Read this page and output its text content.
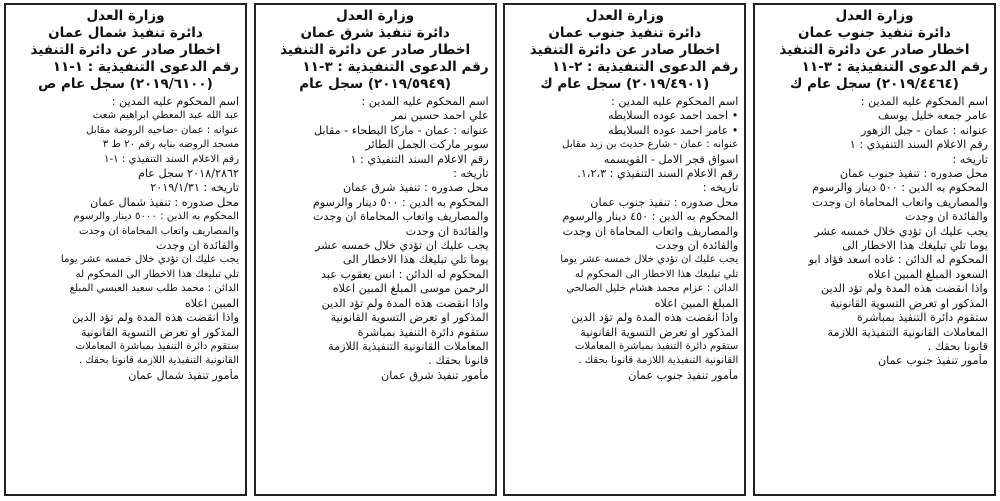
وزارة العدل
دائرة تنفيذ جنوب عمان
اخطار صادر عن دائرة التنفيذ
رقم الدعوى التنفيذية : ٣-١١
(٢٠١٩/٤٤٦٤) سجل عام ك
اسم المحكوم عليه المدين :
عامر جمعه خليل يوسف
عنوانه : عمان - جبل الزهور
رقم الاعلام السند التنفيذي : ١
تاريخه :
محل صدوره : تنفيذ جنوب عمان
المحكوم به الدين : ٥٠٠ دينار والرسوم
والمصاريف واتعاب المحاماة ان وجدت
والفائدة ان وجدت
يجب عليك ان تؤدي خلال خمسه عشر
يوما تلي تبليغك هذا الاخطار الى
المحكوم له الدائن : غاده اسعد فؤاد ابو
السعود المبلغ المبين اعلاه
واذا انقضت هذه المدة ولم تؤد الدين
المذكور او تعرض التسوية القانونية
ستقوم دائرة التنفيذ بمباشرة
المعاملات القانونية التنفيذية اللازمة
قانونا بحقك .
مأمور تنفيذ جنوب عمان
وزارة العدل
دائرة تنفيذ جنوب عمان
اخطار صادر عن دائرة التنفيذ
رقم الدعوى التنفيذية : ٢-١١
(٢٠١٩/٤٩٠١) سجل عام ك
اسم المحكوم عليه المدين :
• احمد احمد عوده السلايطه
• عامر احمد عوده السلايطه
عنوانه : عمان - شارع حديث بن زيد مقابل
اسواق فجر الامل - القويسمه
رقم الاعلام السند التنفيذي : ١،٢،٣.
تاريخه :
محل صدوره : تنفيذ جنوب عمان
المحكوم به الدين : ٤٥٠ دينار والرسوم
والمصاريف واتعاب المحاماة ان وجدت
والفائدة ان وجدت
يجب عليك ان تؤدي خلال خمسه عشر يوما
تلي تبليغك هذا الاخطار الى المحكوم له
الدائن : عزام محمد هشام خليل الصالحي
المبلغ المبين اعلاه
واذا انقضت هذه المدة ولم تؤد الدين
المذكور او تعرض التسوية القانونية
ستقوم دائرة التنفيذ بمباشرة المعاملات
القانونية التنفيذية اللازمة قانونا بحقك .
مأمور تنفيذ جنوب عمان
وزارة العدل
دائرة تنفيذ شرق عمان
اخطار صادر عن دائرة التنفيذ
رقم الدعوى التنفيذية : ٣-١١
(٢٠١٩/٥٩٤٩) سجل عام
اسم المحكوم عليه المدين :
علي احمد حسين نمر
عنوانه : عمان - ماركا البطحاء - مقابل
سوبر ماركت الجمل الطائر
رقم الاعلام السند التنفيذي : ١
تاريخه :
محل صدوره : تنفيذ شرق عمان
المحكوم به الدين : ٥٠٠ دينار والرسوم
والمصاريف واتعاب المحاماة ان وجدت
والفائدة ان وجدت
يجب عليك ان تؤدي خلال خمسه عشر
يوما تلي تبليغك هذا الاخطار الى
المحكوم له الدائن : انس يعقوب عبد
الرحمن موسى المبلغ المبين اعلاه
واذا انقضت هذه المدة ولم تؤد الدين
المذكور او تعرض التسوية القانونية
ستقوم دائرة التنفيذ بمباشرة
المعاملات القانونية التنفيذية اللازمة
قانونا بحقك .
مأمور تنفيذ شرق عمان
وزارة العدل
دائرة تنفيذ شمال عمان
اخطار صادر عن دائرة التنفيذ
رقم الدعوى التنفيذية : ١-١١
(٢٠١٩/٦١٠٠) سجل عام ص
اسم المحكوم عليه المدين :
عبد الله عبد المعطي ابراهيم شعث
عنوانه : عمان -ضاحيه الروضة مقابل
مسجد الروضه بنايه رقم ٢٠ ط ٣
رقم الاعلام السند التنفيذي : ١-١
٢٠١٨/٢٨٦٢ سجل عام
تاريخه : ٢٠١٩/١/٣١
محل صدوره : تنفيذ شمال عمان
المحكوم به الدين : ٥٠٠٠ دينار والرسوم
والمصاريف واتعاب المحاماة ان وجدت
والفائدة ان وجدت
يجب عليك ان تؤدي خلال خمسه عشر يوما
تلي تبليغك هذا الاخطار الى المحكوم له
الدائن : محمد طلب سعيد العبسي المبلغ
المبين اعلاه
واذا انقضت هذه المدة ولم تؤد الدين
المذكور او تعرض التسوية القانونية
ستقوم دائرة التنفيذ بمباشرة المعاملات
القانونية التنفيذية اللازمة قانونا بحقك .
مأمور تنفيذ شمال عمان
